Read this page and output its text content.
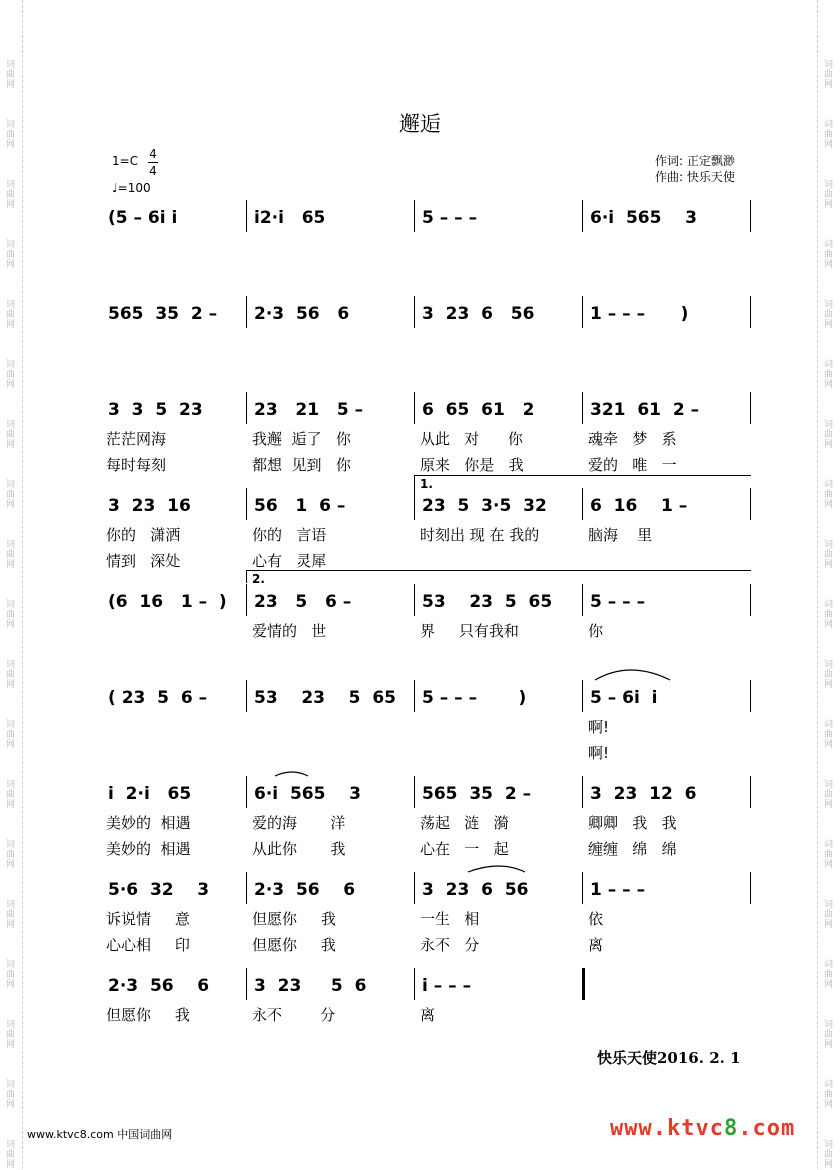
词曲网
词曲网
词曲网
词曲网
词曲网
词曲网
词曲网
词曲网
词曲网
词曲网
词曲网
词曲网
词曲网
词曲网
词曲网
词曲网
词曲网
词曲网
词曲网
词曲网
词曲网
词曲网
词曲网
词曲网
词曲网
词曲网
词曲网
词曲网
词曲网
词曲网
词曲网
词曲网
词曲网
词曲网
词曲网
词曲网
词曲网
词曲网
邂逅
1=C 4
4
♩=100
作词: 正定飘渺
作曲: 快乐天使
(5 – 6i i	i2·i   65	5 – – –	6·i  565    3
565  35  2 – 2·3  56   6	3  23  6   56	1 – – –      )
3  3  5  23
茫茫网海
每时每刻
23   21   5 –
我邂  逅了   你
都想  见到   你
6  65  61   2
从此   对      你
原来   你是   我
321  61  2 –
魂牵   梦   系
爱的   唯   一
3  23  16
你的   潇洒
情到   深处
56   1  6 –
你的   言语
心有   灵犀
23  5  3·5  32
时刻出 现 在 我的
6  16    1 –
脑海    里
(6  16   1 –  ) 23   5   6 –
爱情的   世
53    23  5  65
界     只有我和
5 – – –
你
( 23  5  6 –	53    23    5  65 5 – – –       )	5 – 6i  i
啊!
啊!
i  2·i   65
美妙的  相遇
美妙的  相遇
6·i  565    3
爱的海       洋
从此你       我
565  35  2 –
荡起   涟   漪
心在   一   起
3  23  12  6
卿卿   我   我
缠缠   绵   绵
5·6  32    3
诉说情     意
心心相     印
2·3  56    6
但愿你     我
但愿你     我
3  23  6  56
一生   相
永不   分
1 – – –
依
离
2·3  56    6
但愿你     我
3  23     5  6
永不        分
i – – –
离
1.
2.
快乐天使2016. 2. 1
www.ktvc8.com 中国词曲网	www.ktvc8.com
